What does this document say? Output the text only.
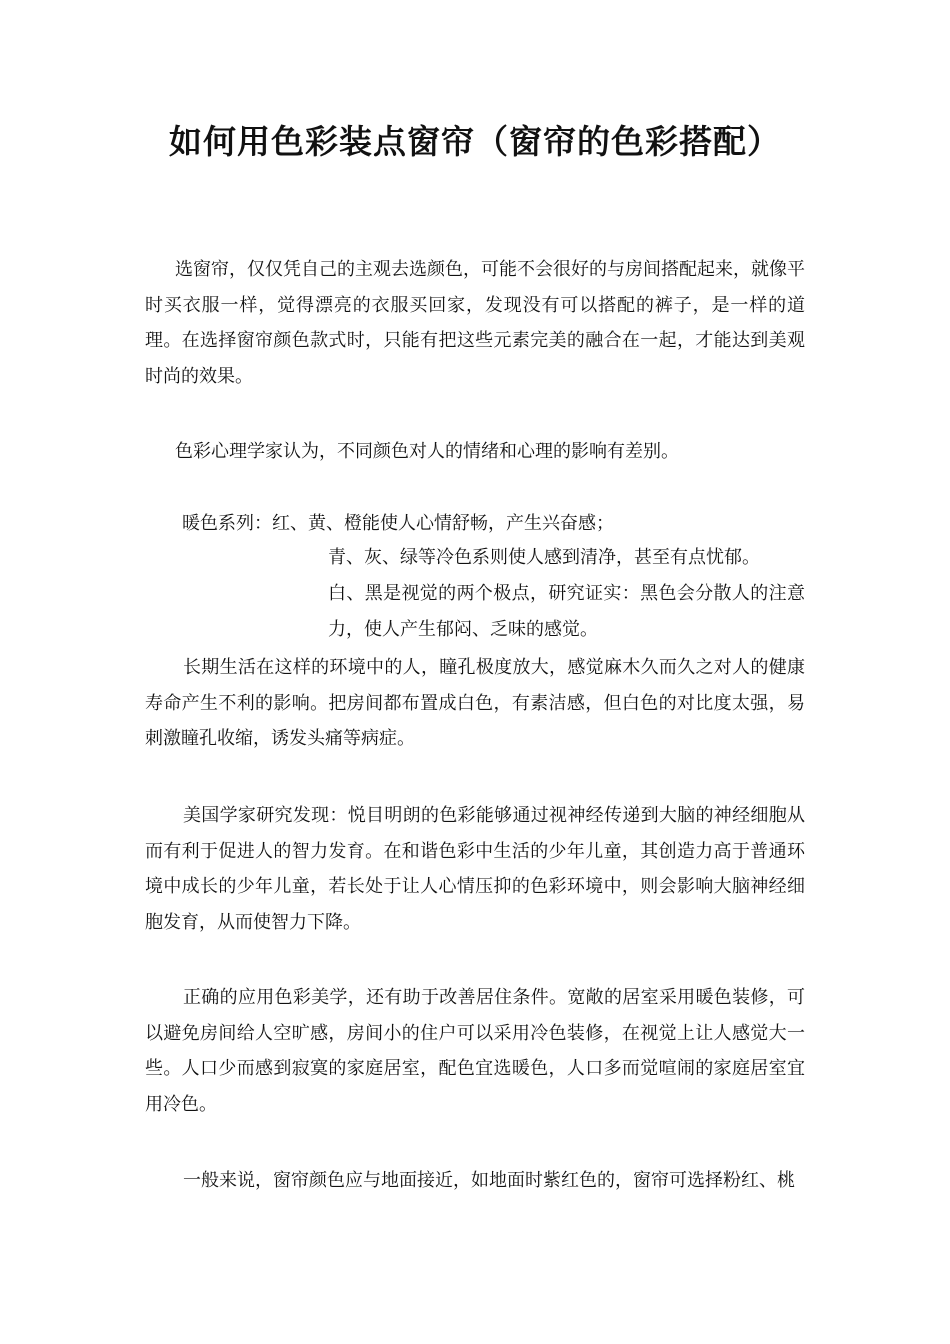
如何用色彩装点窗帘（窗帘的色彩搭配）

选窗帘，仅仅凭自己的主观去选颜色，可能不会很好的与房间搭配起来，就像平时买衣服一样，觉得漂亮的衣服买回家，发现没有可以搭配的裤子，是一样的道理。在选择窗帘颜色款式时，只能有把这些元素完美的融合在一起，才能达到美观时尚的效果。

色彩心理学家认为，不同颜色对人的情绪和心理的影响有差别。

暖色系列：红、黄、橙能使人心情舒畅，产生兴奋感；

青、灰、绿等冷色系则使人感到清净，甚至有点忧郁。

白、黑是视觉的两个极点，研究证实：黑色会分散人的注意力，使人产生郁闷、乏味的感觉。

长期生活在这样的环境中的人，瞳孔极度放大，感觉麻木久而久之对人的健康寿命产生不利的影响。把房间都布置成白色，有素洁感，但白色的对比度太强，易刺激瞳孔收缩，诱发头痛等病症。

美国学家研究发现：悦目明朗的色彩能够通过视神经传递到大脑的神经细胞从而有利于促进人的智力发育。在和谐色彩中生活的少年儿童，其创造力高于普通环境中成长的少年儿童，若长处于让人心情压抑的色彩环境中，则会影响大脑神经细胞发育，从而使智力下降。

正确的应用色彩美学，还有助于改善居住条件。宽敞的居室采用暖色装修，可以避免房间给人空旷感，房间小的住户可以采用冷色装修，在视觉上让人感觉大一些。人口少而感到寂寞的家庭居室，配色宜选暖色，人口多而觉喧闹的家庭居室宜用冷色。

一般来说，窗帘颜色应与地面接近，如地面时紫红色的，窗帘可选择粉红、桃
